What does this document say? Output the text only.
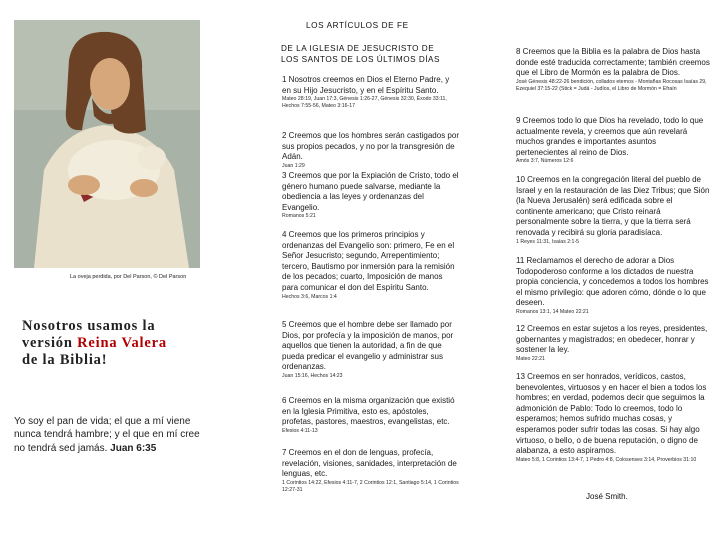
LOS ARTÍCULOS DE FE
DE LA IGLESIA DE JESUCRISTO DE
LOS SANTOS DE LOS ÚLTIMOS DÍAS
La oveja perdida, por Del Parson, © Del Parson
Nosotros usamos la
versión Reina Valera
de la Biblia!
Yo soy el pan de vida; el que a mí viene nunca tendrá hambre; y el que en mí cree no tendrá sed jamás. Juan 6:35
1 Nosotros creemos en Dios el Eterno Padre, y en su Hijo Jesucristo, y en el Espíritu Santo.
Mateo 28:19, Juan 17:3, Génesis 1:26-27, Génesis 32:30, Éxodo 33:11, Hechos 7:55-56, Mateo 3:16-17
2 Creemos que los hombres serán castigados por sus propios pecados, y no por la transgresión de Adán.
Juan 1:29
3 Creemos que por la Expiación de Cristo, todo el género humano puede salvarse, mediante la obediencia a las leyes y ordenanzas del Evangelio.
Romanos 5:21
4 Creemos que los primeros principios y ordenanzas del Evangelio son: primero, Fe en el Señor Jesucristo; segundo, Arrepentimiento; tercero, Bautismo por inmersión para la remisión de los pecados; cuarto, Imposición de manos para comunicar el don del Espíritu Santo.
Hechos 3:6, Marcos 1:4
5 Creemos que el hombre debe ser llamado por Dios, por profecía y la imposición de manos, por aquellos que tienen la autoridad, a fin de que pueda predicar el evangelio y administrar sus ordenanzas.
Juan 15:16, Hechos 14:23
6 Creemos en la misma organización que existió en la Iglesia Primitiva, esto es, apóstoles, profetas, pastores, maestros, evangelistas, etc.
Efesios 4:11-13
7 Creemos en el don de lenguas, profecía, revelación, visiones, sanidades, interpretación de lenguas, etc.
1 Corintios 14:22, Efesios 4:11-7, 2 Corintios 12:1, Santiago 5:14, 1 Corintios 12:27-31
8 Creemos que la Biblia es la palabra de Dios hasta donde esté traducida correctamente; también creemos que el Libro de Mormón es la palabra de Dios.
José Génesis 48:22-26 bendición, collados eternos - Montañas Rocosas Isaías 29, Ezequiel 37:15-22 (Stick = Judá - Judíos, el Libro de Mormón = Efraín
9 Creemos todo lo que Dios ha revelado, todo lo que actualmente revela, y creemos que aún revelará muchos grandes e importantes asuntos pertenecientes al reino de Dios.
Amós 3:7, Números 12:6
10 Creemos en la congregación literal del pueblo de Israel y en la restauración de las Diez Tribus; que Sión (la Nueva Jerusalén) será edificada sobre el continente americano; que Cristo reinará personalmente sobre la tierra, y que la tierra será renovada y recibirá su gloria paradisíaca.
1 Reyes 11:31, Isaías 2:1-5
11 Reclamamos el derecho de adorar a Dios Todopoderoso conforme a los dictados de nuestra propia conciencia, y concedemos a todos los hombres el mismo privilegio: que adoren cómo, dónde o lo que deseen.
Romanos 13:1, 14 Mateo 22:21
12 Creemos en estar sujetos a los reyes, presidentes, gobernantes y magistrados; en obedecer, honrar y sostener la ley.
Mateo 22:21
13 Creemos en ser honrados, verídicos, castos, benevolentes, virtuosos y en hacer el bien a todos los hombres; en verdad, podemos decir que seguimos la admonición de Pablo: Todo lo creemos, todo lo esperamos; hemos sufrido muchas cosas, y esperamos poder sufrir todas las cosas. Si hay algo virtuoso, o bello, o de buena reputación, o digno de alabanza, a esto aspiramos.
Mateo 5:8, 1 Corintios 13:4-7, 1 Pedro 4:8, Colosenses 3:14, Proverbios 31:10
José Smith.
